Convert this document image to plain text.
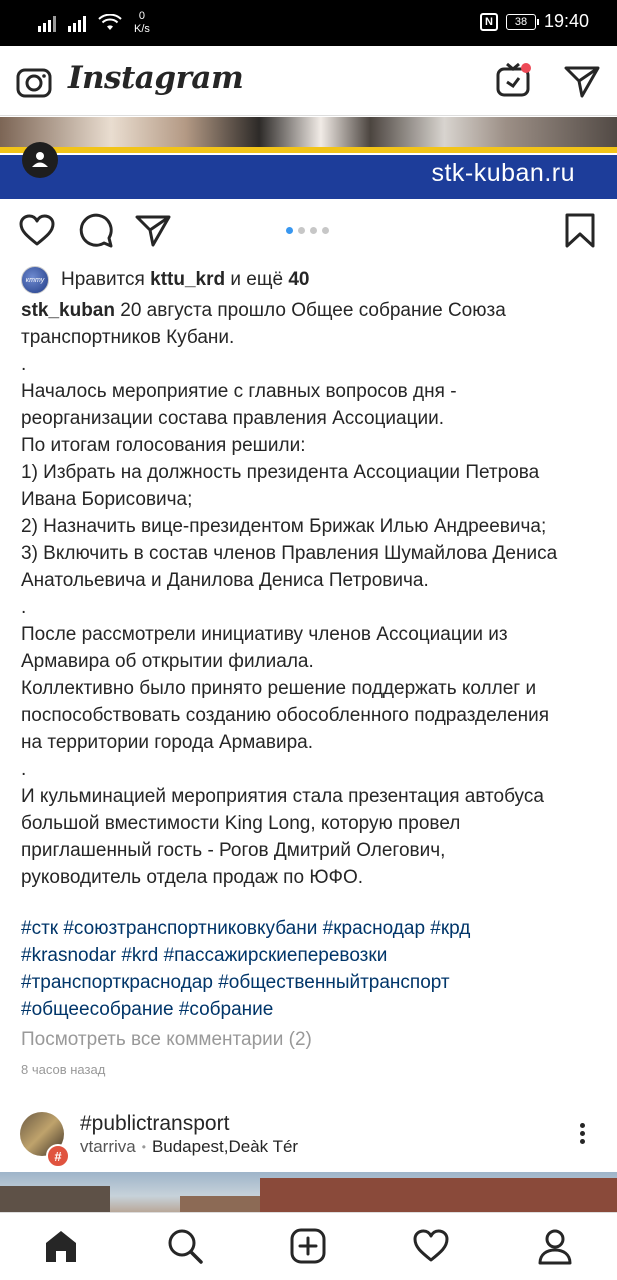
0
K/s
N	38 19:40
Instagram
stk-kuban.ru
ктту Нравится kttu_krd и ещё 40
stk_kuban 20 августа прошло Общее собрание Союза
транспортников Кубани.
.
Началось мероприятие с главных вопросов дня -
реорганизации состава правления Ассоциации.
По итогам голосования решили:
1) Избрать на должность президента Ассоциации Петрова
Ивана Борисовича;
2) Назначить вице-президентом Брижак Илью Андреевича;
3) Включить в состав членов Правления Шумайлова Дениса
Анатольевича и Данилова Дениса Петровича.
.
После рассмотрели инициативу членов Ассоциации из
Армавира об открытии филиала.
Коллективно было принято решение поддержать коллег и
поспособствовать созданию обособленного подразделения
на территории города Армавира.
.
И кульминацией мероприятия стала презентация автобуса
большой вместимости King Long, которую провел
приглашенный гость - Рогов Дмитрий Олегович,
руководитель отдела продаж по ЮФО.
#стк #союзтранспортниковкубани #краснодар #крд
#krasnodar #krd #пассажирскиеперевозки
#транспорткраснодар #общественныйтранспорт
#общеесобрание #собрание
Посмотреть все комментарии (2)
8 часов назад
#
#publictransport
vtarriva • Budapest,Deàk Tér
